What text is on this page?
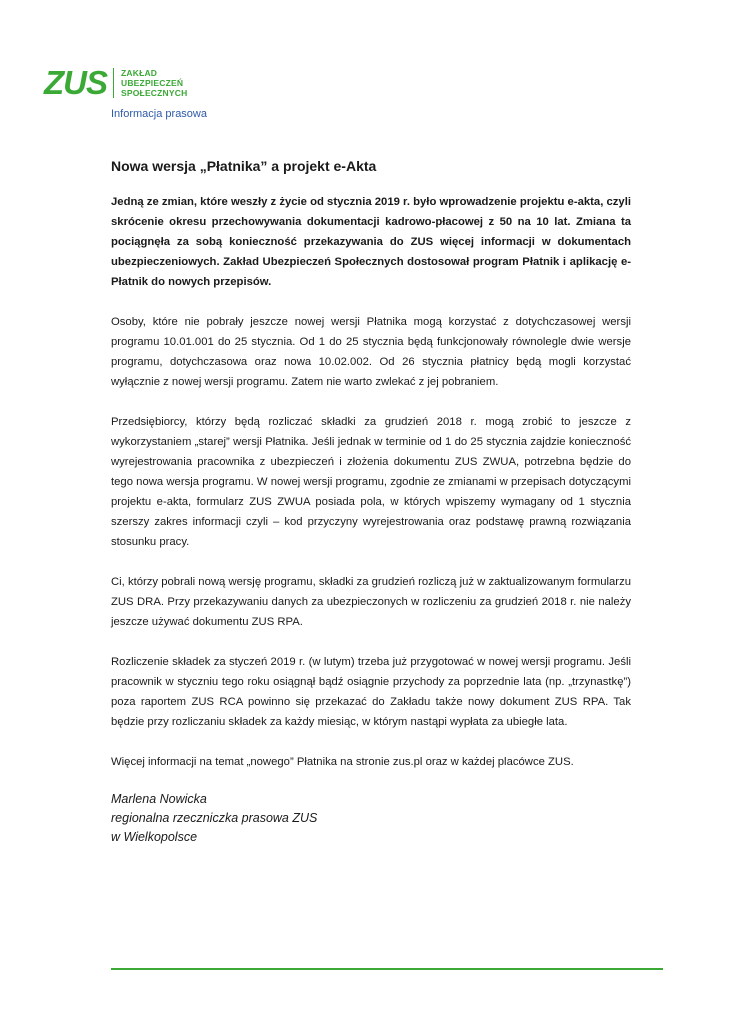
ZUS ZAKŁAD
UBEZPIECZEŃ
SPOŁECZNYCH
Informacja prasowa
Nowa wersja „Płatnika” a projekt e-Akta

Jedną ze zmian, które weszły z życie od stycznia 2019 r. było wprowadzenie projektu e-akta, czyli skrócenie okresu przechowywania dokumentacji kadrowo-płacowej z 50 na 10 lat. Zmiana ta pociągnęła za sobą konieczność przekazywania do ZUS więcej informacji w dokumentach ubezpieczeniowych. Zakład Ubezpieczeń Społecznych dostosował program Płatnik i aplikację e-Płatnik do nowych przepisów.

Osoby, które nie pobrały jeszcze nowej wersji Płatnika mogą korzystać z dotychczasowej wersji programu 10.01.001 do 25 stycznia. Od 1 do 25 stycznia będą funkcjonowały równolegle dwie wersje programu, dotychczasowa oraz nowa 10.02.002. Od 26 stycznia płatnicy będą mogli korzystać wyłącznie z nowej wersji programu. Zatem nie warto zwlekać z jej pobraniem.

Przedsiębiorcy, którzy będą rozliczać składki za grudzień 2018 r. mogą zrobić to jeszcze z wykorzystaniem „starej” wersji Płatnika. Jeśli jednak w terminie od 1 do 25 stycznia zajdzie konieczność wyrejestrowania pracownika z ubezpieczeń i złożenia dokumentu ZUS ZWUA, potrzebna będzie do tego nowa wersja programu. W nowej wersji programu, zgodnie ze zmianami w przepisach dotyczącymi projektu e-akta, formularz ZUS ZWUA posiada pola, w których wpiszemy wymagany od 1 stycznia szerszy zakres informacji czyli – kod przyczyny wyrejestrowania oraz podstawę prawną rozwiązania stosunku pracy.

Ci, którzy pobrali nową wersję programu, składki za grudzień rozliczą już w zaktualizowanym formularzu ZUS DRA. Przy przekazywaniu danych za ubezpieczonych w rozliczeniu za grudzień 2018 r. nie należy jeszcze używać dokumentu ZUS RPA.

Rozliczenie składek za styczeń 2019 r. (w lutym) trzeba już przygotować w nowej wersji programu. Jeśli pracownik w styczniu tego roku osiągnął bądź osiągnie przychody za poprzednie lata (np. „trzynastkę”) poza raportem ZUS RCA powinno się przekazać do Zakładu także nowy dokument ZUS RPA. Tak będzie przy rozliczaniu składek za każdy miesiąc, w którym nastąpi wypłata za ubiegłe lata.

Więcej informacji na temat „nowego” Płatnika na stronie zus.pl oraz w każdej placówce ZUS.

Marlena Nowicka
regionalna rzeczniczka prasowa ZUS
w Wielkopolsce
